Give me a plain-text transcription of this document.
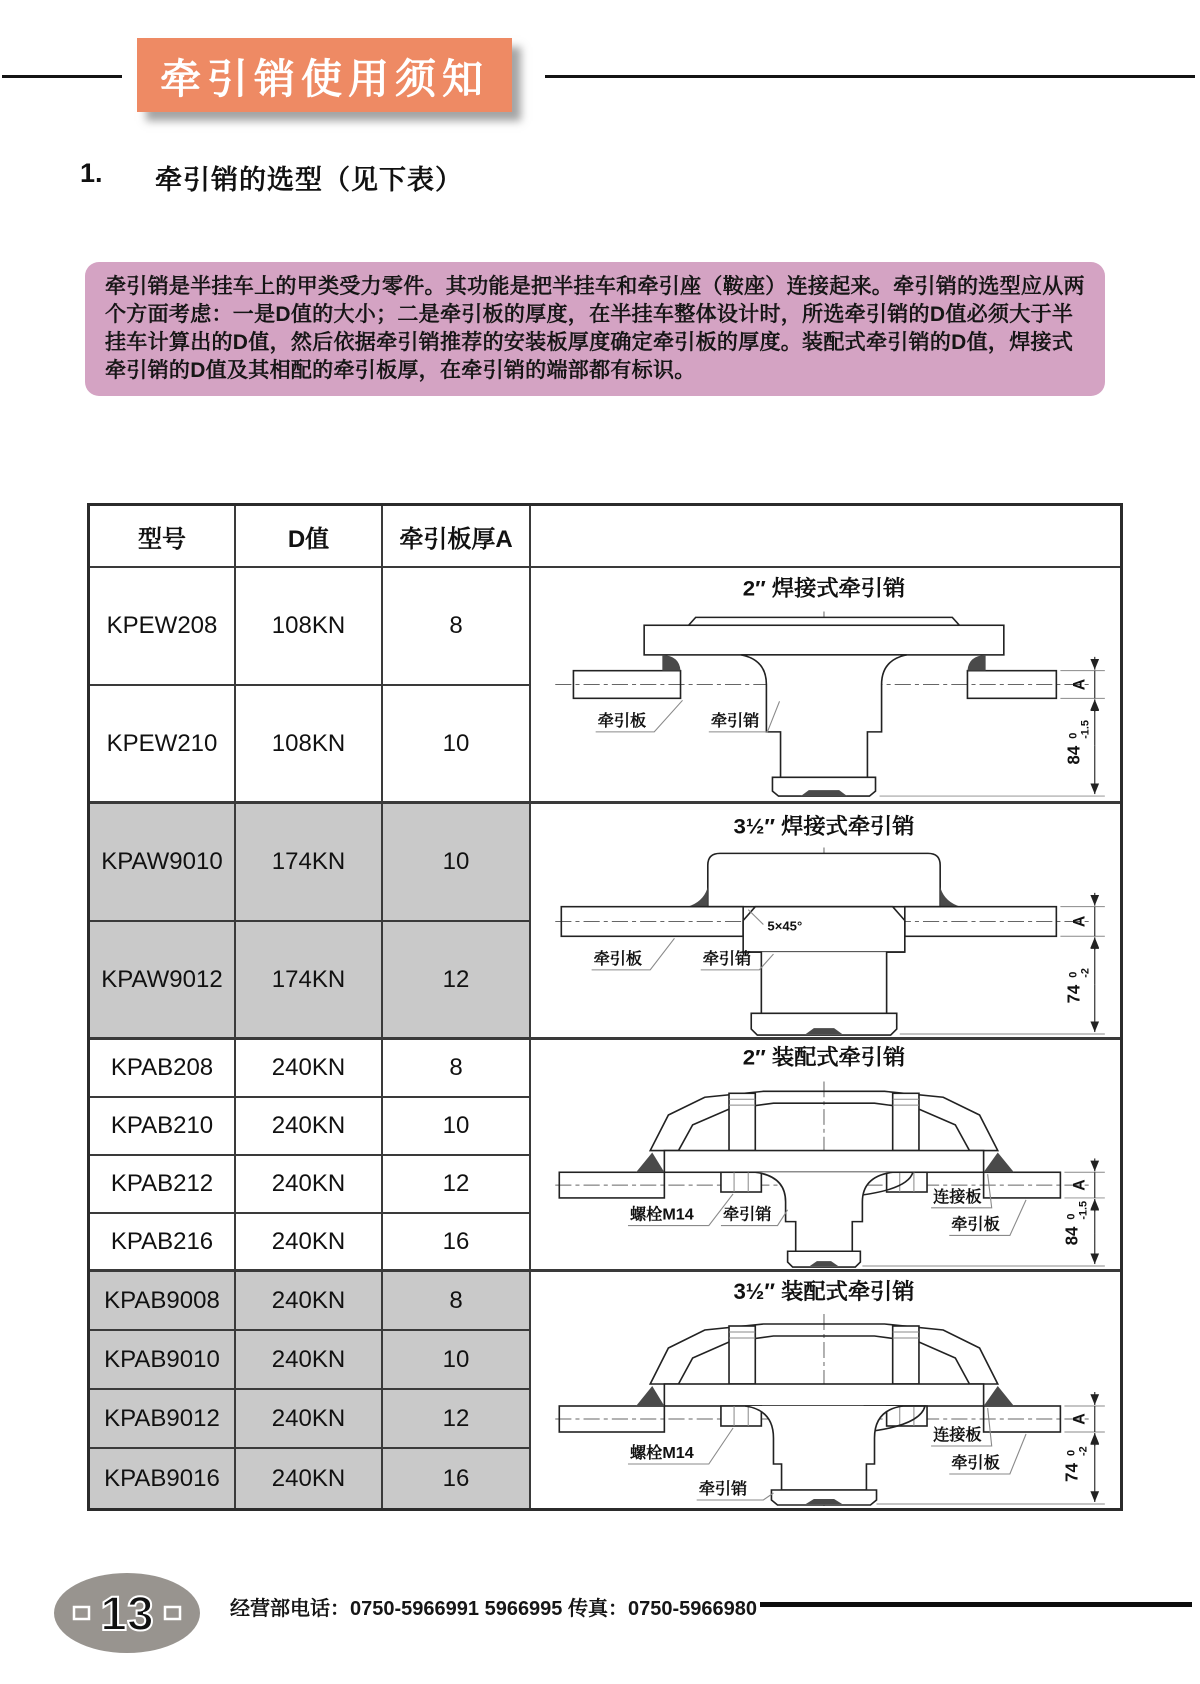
牵引销使用须知
1. 牵引销的选型（见下表）
牵引销是半挂车上的甲类受力零件。其功能是把半挂车和牵引座（鞍座）连接起来。牵引销的选型应从两个方面考虑：一是D值的大小；二是牵引板的厚度，在半挂车整体设计时，所选牵引销的D值必须大于半挂车计算出的D值，然后依据牵引销推荐的安装板厚度确定牵引板的厚度。装配式牵引销的D值，焊接式牵引销的D值及其相配的牵引板厚，在牵引销的端部都有标识。
型号	D值	牵引板厚A
2″ 焊接式牵引销
A
84
0 -1.5
牵引板	牵引销
3½″ 焊接式牵引销
5×45°	A
74
0 -2
牵引板	牵引销
2″ 装配式牵引销
A
84
0 -1.5
螺栓M14 牵引销
连接板
牵引板
3½″ 装配式牵引销
A
74
0 -2
螺栓M14
连接板
牵引板
牵引销
KPEW208	108KN	8
KPEW210	108KN	10
KPAW9010	174KN	10
KPAW9012	174KN	12
KPAB208	240KN	8
KPAB210	240KN	10
KPAB212	240KN	12
KPAB216	240KN	16
KPAB9008	240KN	8
KPAB9010	240KN	10
KPAB9012	240KN	12
KPAB9016	240KN	16
13	经营部电话：0750-5966991 5966995 传真：0750-5966980
